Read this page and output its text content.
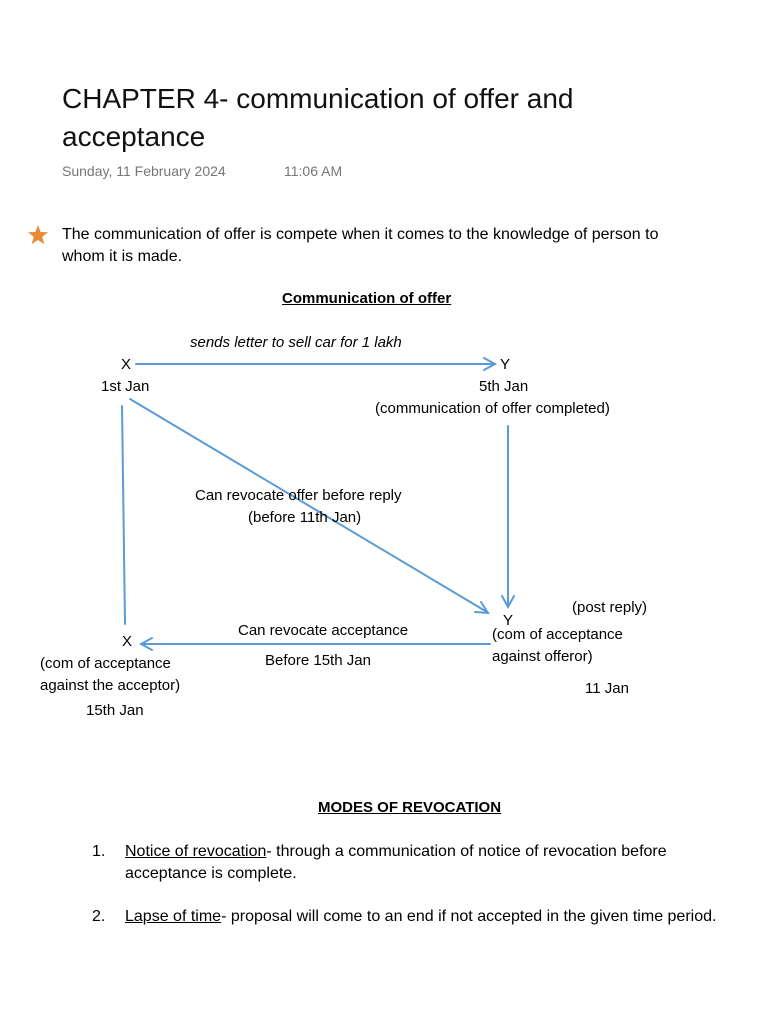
CHAPTER 4- communication of offer and acceptance
Sunday, 11 February 2024	11:06 AM
The communication of offer is compete when it comes to the knowledge of person to whom it is made.
Communication of offer
sends letter to sell car for 1 lakh
X
1st Jan
Y
5th Jan
(communication of offer completed)
Can revocate offer before reply
(before 11th Jan)
(post reply)
Y
(com of acceptance
against offeror)
11 Jan
Can revocate acceptance
Before 15th Jan
X
(com of acceptance
against the acceptor)
15th Jan
MODES OF REVOCATION
1. Notice of revocation- through a communication of notice of revocation before acceptance is complete.
2. Lapse of time- proposal will come to an end if not accepted in the given time period.
